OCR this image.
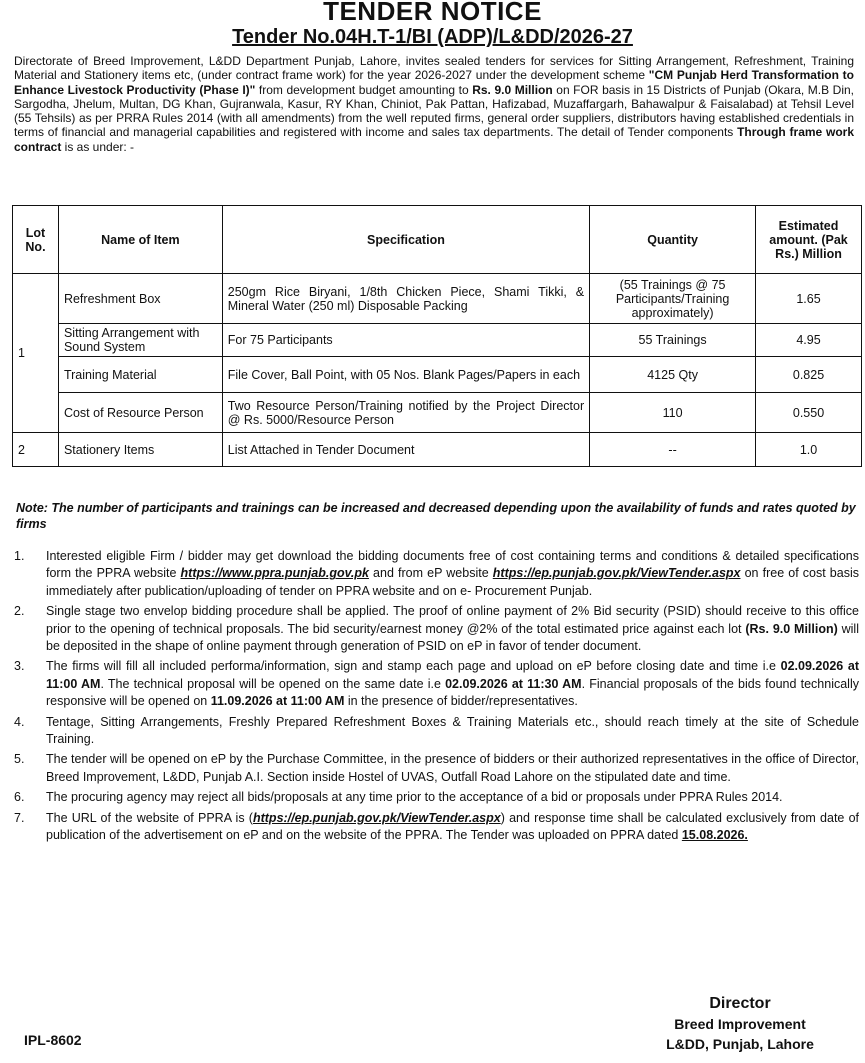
TENDER NOTICE
Tender No.04H.T-1/BI (ADP)/L&DD/2026-27
Directorate of Breed Improvement, L&DD Department Punjab, Lahore, invites sealed tenders for services for Sitting Arrangement, Refreshment, Training Material and Stationery items etc, (under contract frame work) for the year 2026-2027 under the development scheme "CM Punjab Herd Transformation to Enhance Livestock Productivity (Phase I)" from development budget amounting to Rs. 9.0 Million on FOR basis in 15 Districts of Punjab (Okara, M.B Din, Sargodha, Jhelum, Multan, DG Khan, Gujranwala, Kasur, RY Khan, Chiniot, Pak Pattan, Hafizabad, Muzaffargarh, Bahawalpur & Faisalabad) at Tehsil Level (55 Tehsils) as per PRRA Rules 2014 (with all amendments) from the well reputed firms, general order suppliers, distributors having established credentials in terms of financial and managerial capabilities and registered with income and sales tax departments. The detail of Tender components Through frame work contract is as under: -
Lot No.	Name of Item	Specification	Quantity	Estimated amount. (Pak Rs.) Million
1	Refreshment Box	250gm Rice Biryani, 1/8th Chicken Piece, Shami Tikki, & Mineral Water (250 ml) Disposable Packing	(55 Trainings @ 75 Participants/Training approximately)	1.65
	Sitting Arrangement with Sound System	For 75 Participants	55 Trainings	4.95
	Training Material	File Cover, Ball Point, with 05 Nos. Blank Pages/Papers in each	4125 Qty	0.825
	Cost of Resource Person	Two Resource Person/Training notified by the Project Director @ Rs. 5000/Resource Person	110	0.550
2	Stationery Items	List Attached in Tender Document	--	1.0
Note: The number of participants and trainings can be increased and decreased depending upon the availability of funds and rates quoted by firms
1. Interested eligible Firm / bidder may get download the bidding documents free of cost containing terms and conditions & detailed specifications form the PPRA website https://www.ppra.punjab.gov.pk and from eP website https://ep.punjab.gov.pk/ViewTender.aspx on free of cost basis immediately after publication/uploading of tender on PPRA website and on e- Procurement Punjab.
2. Single stage two envelop bidding procedure shall be applied. The proof of online payment of 2% Bid security (PSID) should receive to this office prior to the opening of technical proposals. The bid security/earnest money @2% of the total estimated price against each lot (Rs. 9.0 Million) will be deposited in the shape of online payment through generation of PSID on eP in favor of tender document.
3. The firms will fill all included performa/information, sign and stamp each page and upload on eP before closing date and time i.e 02.09.2026 at 11:00 AM. The technical proposal will be opened on the same date i.e 02.09.2026 at 11:30 AM. Financial proposals of the bids found technically responsive will be opened on 11.09.2026 at 11:00 AM in the presence of bidder/representatives.
4. Tentage, Sitting Arrangements, Freshly Prepared Refreshment Boxes & Training Materials etc., should reach timely at the site of Schedule Training.
5. The tender will be opened on eP by the Purchase Committee, in the presence of bidders or their authorized representatives in the office of Director, Breed Improvement, L&DD, Punjab A.I. Section inside Hostel of UVAS, Outfall Road Lahore on the stipulated date and time.
6. The procuring agency may reject all bids/proposals at any time prior to the acceptance of a bid or proposals under PPRA Rules 2014.
7. The URL of the website of PPRA is (https://ep.punjab.gov.pk/ViewTender.aspx) and response time shall be calculated exclusively from date of publication of the advertisement on eP and on the website of the PPRA. The Tender was uploaded on PPRA dated 15.08.2026.
Director
Breed Improvement
L&DD, Punjab, Lahore
IPL-8602
